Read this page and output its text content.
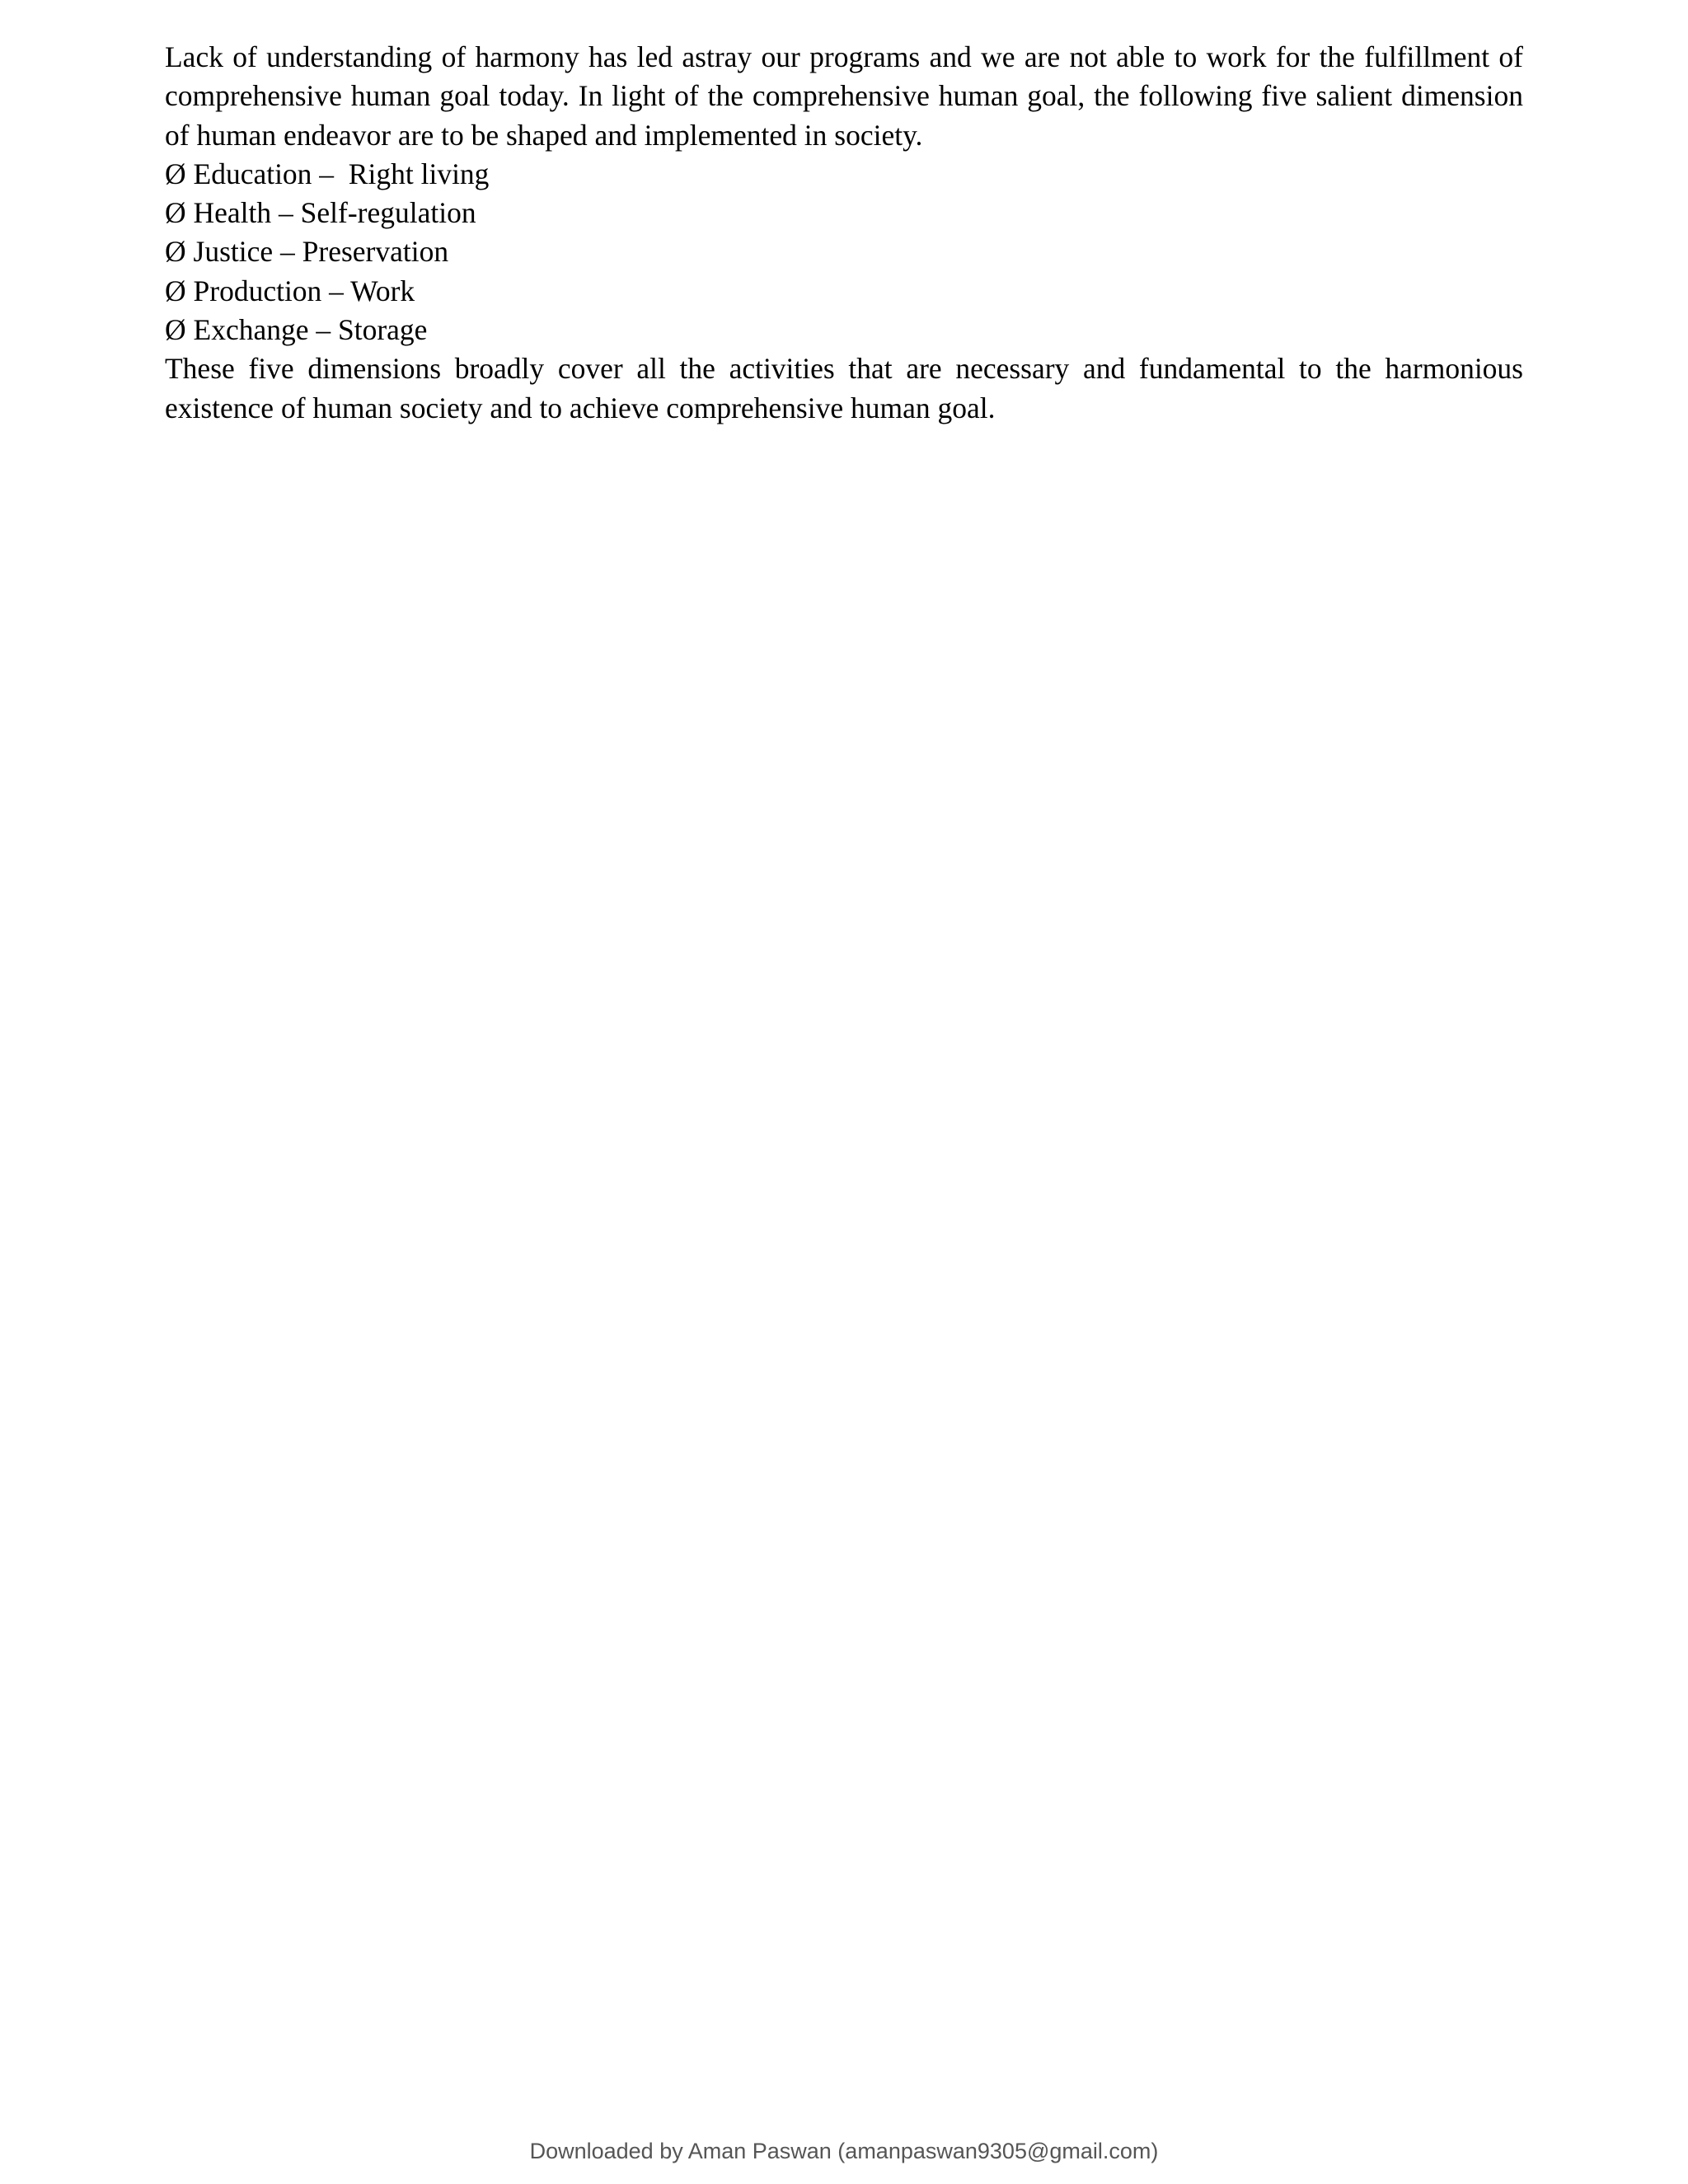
Lack of understanding of harmony has led astray our programs and we are not able to work for the fulfillment of comprehensive human goal today. In light of the comprehensive human goal, the following five salient dimension of human endeavor are to be shaped and implemented in society.

Ø Education –  Right living
Ø Health – Self-regulation
Ø Justice – Preservation
Ø Production – Work
Ø Exchange – Storage

These five dimensions broadly cover all the activities that are necessary and fundamental to the harmonious existence of human society and to achieve comprehensive human goal.

Downloaded by Aman Paswan (amanpaswan9305@gmail.com)
